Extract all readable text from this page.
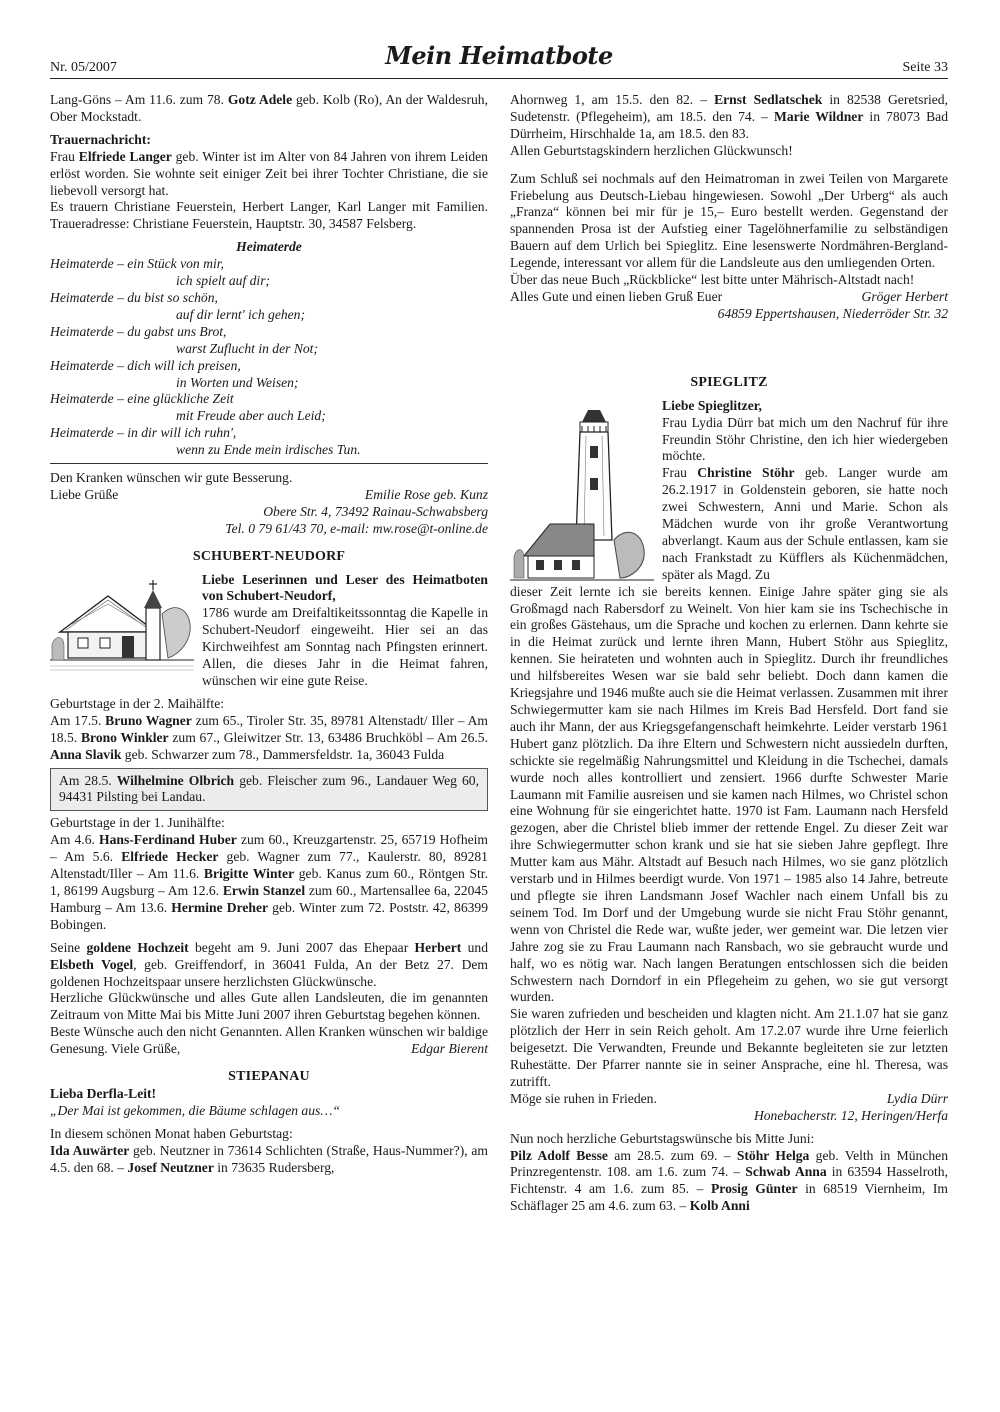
Nr. 05/2007	Mein Heimatbote	Seite 33

Lang-Göns – Am 11.6. zum 78. Gotz Adele geb. Kolb (Ro), An der Waldesruh, Ober Mockstadt.

Trauernachricht:

Frau Elfriede Langer geb. Winter ist im Alter von 84 Jahren von ihrem Leiden erlöst worden. Sie wohnte seit einiger Zeit bei ihrer Tochter Christiane, die sie liebevoll versorgt hat.

Es trauern Christiane Feuerstein, Herbert Langer, Karl Langer mit Familien. Traueradresse: Christiane Feuerstein, Hauptstr. 30, 34587 Felsberg.

Heimaterde

Heimaterde – ein Stück von mir,
ich spielt auf dir;
Heimaterde – du bist so schön,
auf dir lernt' ich gehen;
Heimaterde – du gabst uns Brot,
warst Zuflucht in der Not;
Heimaterde – dich will ich preisen,
in Worten und Weisen;
Heimaterde – eine glückliche Zeit
mit Freude aber auch Leid;
Heimaterde – in dir will ich ruhn',
wenn zu Ende mein irdisches Tun.

Den Kranken wünschen wir gute Besserung.

Liebe Grüße	Emilie Rose geb. Kunz

Obere Str. 4, 73492 Rainau-Schwabsberg

Tel. 0 79 61/43 70, e-mail: mw.rose@t-online.de

SCHUBERT-NEUDORF

Liebe Leserinnen und Leser des Heimatboten von Schubert-Neudorf,

1786 wurde am Dreifaltikeitssonntag die Kapelle in Schubert-Neudorf eingeweiht. Hier sei an das Kirchweihfest am Sonntag nach Pfingsten erinnert. Allen, die dieses Jahr in die Heimat fahren, wünschen wir eine gute Reise.

Geburtstage in der 2. Maihälfte:

Am 17.5. Bruno Wagner zum 65., Tiroler Str. 35, 89781 Altenstadt/ Iller – Am 18.5. Brono Winkler zum 67., Gleiwitzer Str. 13, 63486 Bruchköbl – Am 26.5. Anna Slavik geb. Schwarzer zum 78., Dammersfeldstr. 1a, 36043 Fulda

Am 28.5. Wilhelmine Olbrich geb. Fleischer zum 96., Landauer Weg 60, 94431 Pilsting bei Landau.

Geburtstage in der 1. Junihälfte:

Am 4.6. Hans-Ferdinand Huber zum 60., Kreuzgartenstr. 25, 65719 Hofheim – Am 5.6. Elfriede Hecker geb. Wagner zum 77., Kaulerstr. 80, 89281 Altenstadt/Iller – Am 11.6. Brigitte Winter geb. Kanus zum 60., Röntgen Str. 1, 86199 Augsburg – Am 12.6. Erwin Stanzel zum 60., Martensallee 6a, 22045 Hamburg – Am 13.6. Hermine Dreher geb. Winter zum 72. Poststr. 42, 86399 Bobingen.

Seine goldene Hochzeit begeht am 9. Juni 2007 das Ehepaar Herbert und Elsbeth Vogel, geb. Greiffendorf, in 36041 Fulda, An der Betz 27. Dem goldenen Hochzeitspaar unsere herzlichsten Glückwünsche.

Herzliche Glückwünsche und alles Gute allen Landsleuten, die im genannten Zeitraum von Mitte Mai bis Mitte Juni 2007 ihren Geburtstag begehen können.

Beste Wünsche auch den nicht Genannten. Allen Kranken wünschen wir baldige Genesung. Viele Grüße,	Edgar Bierent

STIEPANAU

Lieba Derfla-Leit!

„Der Mai ist gekommen, die Bäume schlagen aus…“

In diesem schönen Monat haben Geburtstag:

Ida Auwärter geb. Neutzner in 73614 Schlichten (Straße, Haus-Nummer?), am 4.5. den 68. – Josef Neutzner in 73635 Rudersberg,

Ahornweg 1, am 15.5. den 82. – Ernst Sedlatschek in 82538 Geretsried, Sudetenstr. (Pflegeheim), am 18.5. den 74. – Marie Wildner in 78073 Bad Dürrheim, Hirschhalde 1a, am 18.5. den 83.

Allen Geburtstagskindern herzlichen Glückwunsch!

Zum Schluß sei nochmals auf den Heimatroman in zwei Teilen von Margarete Friebelung aus Deutsch-Liebau hingewiesen. Sowohl „Der Urberg“ als auch „Franza“ können bei mir für je 15,– Euro bestellt werden. Gegenstand der spannenden Prosa ist der Aufstieg einer Tagelöhnerfamilie zu selbständigen Bauern auf dem Urlich bei Spieglitz. Eine lesenswerte Nordmähren-Bergland-Legende, interessant vor allem für die Landsleute aus den umliegenden Orten.

Über das neue Buch „Rückblicke“ lest bitte unter Mährisch-Altstadt nach!

Alles Gute und einen lieben Gruß Euer	Gröger Herbert

64859 Eppertshausen, Niederröder Str. 32

SPIEGLITZ

Liebe Spieglitzer,

Frau Lydia Dürr bat mich um den Nachruf für ihre Freundin Stöhr Christine, den ich hier wiedergeben möchte.

Frau Christine Stöhr geb. Langer wurde am 26.2.1917 in Goldenstein geboren, sie hatte noch zwei Schwestern, Anni und Marie. Schon als Mädchen wurde von ihr große Verantwortung abverlangt. Kaum aus der Schule entlassen, kam sie nach Frankstadt zu Küfflers als Küchenmädchen, später als Magd. Zu

dieser Zeit lernte ich sie bereits kennen. Einige Jahre später ging sie als Großmagd nach Rabersdorf zu Weinelt. Von hier kam sie ins Tschechische in ein großes Gästehaus, um die Sprache und kochen zu erlernen. Dann kehrte sie in die Heimat zurück und lernte ihren Mann, Hubert Stöhr aus Spieglitz, kennen. Sie heirateten und wohnten auch in Spieglitz. Durch ihr freundliches und hilfsbereites Wesen war sie bald sehr beliebt. Doch dann kamen die Kriegsjahre und 1946 mußte auch sie die Heimat verlassen. Zusammen mit ihrer Schwiegermutter kam sie nach Hilmes im Kreis Bad Hersfeld. Dort fand sie auch ihr Mann, der aus Kriegsgefangenschaft heimkehrte. Leider verstarb 1961 Hubert ganz plötzlich. Da ihre Eltern und Schwestern nicht aussiedeln durften, schickte sie regelmäßig Nahrungsmittel und Kleidung in die Tschechei, damals wurde noch alles kontrolliert und zensiert. 1966 durfte Schwester Marie Laumann mit Familie ausreisen und sie kamen nach Hilmes, wo Christel schon eine Wohnung für sie eingerichtet hatte. 1970 ist Fam. Laumann nach Hersfeld gezogen, aber die Christel blieb immer der rettende Engel. Zu dieser Zeit war ihre Schwiegermutter schon krank und sie hat sie sieben Jahre gepflegt. Ihre Mutter kam aus Mähr. Altstadt auf Besuch nach Hilmes, wo sie ganz plötzlich verstarb und in Hilmes beerdigt wurde. Von 1971 – 1985 also 14 Jahre, betreute und pflegte sie ihren Landsmann Josef Wachler nach einem Unfall bis zu seinem Tod. Im Dorf und der Umgebung wurde sie nicht Frau Stöhr genannt, wenn von Christel die Rede war, wußte jeder, wer gemeint war. Die letzen vier Jahre zog sie zu Frau Laumann nach Ransbach, wo sie gebraucht wurde und half, wo es nötig war. Nach langen Beratungen entschlossen sich die beiden Schwestern nach Dorndorf in ein Pflegeheim zu gehen, wo sie gut versorgt wurden.

Sie waren zufrieden und bescheiden und klagten nicht. Am 21.1.07 hat sie ganz plötzlich der Herr in sein Reich geholt. Am 17.2.07 wurde ihre Urne feierlich beigesetzt. Die Verwandten, Freunde und Bekannte begleiteten sie zur letzten Ruhestätte. Der Pfarrer nannte sie in seiner Ansprache, eine hl. Theresa, was zutrifft.

Möge sie ruhen in Frieden.	Lydia Dürr

Honebacherstr. 12, Heringen/Herfa

Nun noch herzliche Geburtstagswünsche bis Mitte Juni:

Pilz Adolf Besse am 28.5. zum 69. – Stöhr Helga geb. Velth in München Prinzregentenstr. 108. am 1.6. zum 74. – Schwab Anna in 63594 Hasselroth, Fichtenstr. 4 am 1.6. zum 85. – Prosig Günter in 68519 Viernheim, Im Schäflager 25 am 4.6. zum 63. – Kolb Anni
